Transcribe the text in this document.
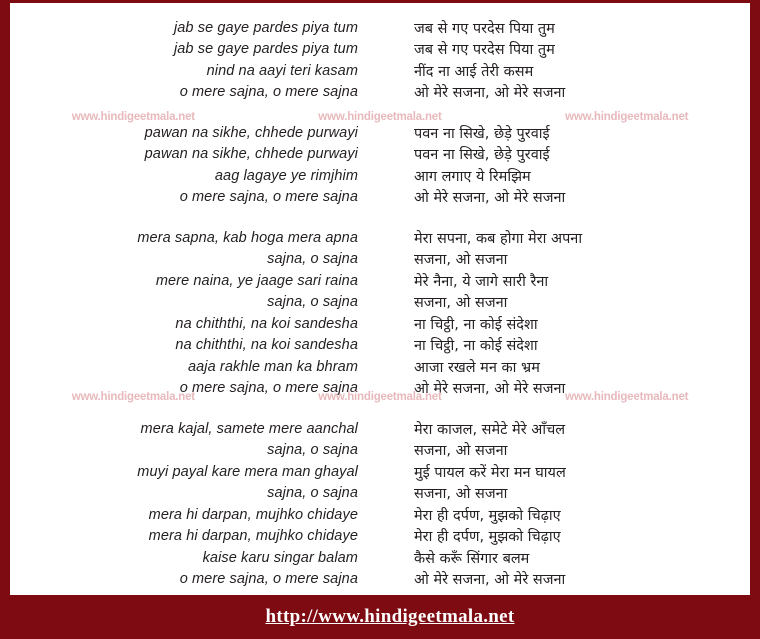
jab se gaye pardes piya tum	जब से गए परदेस पिया तुम
jab se gaye pardes piya tum	जब से गए परदेस पिया तुम
nind na aayi teri kasam	नींद ना आई तेरी कसम
o mere sajna, o mere sajna	ओ मेरे सजना, ओ मेरे सजना
www.hindigeetmala.net	www.hindigeetmala.net	www.hindigeetmala.net
pawan na sikhe, chhede purwayi	पवन ना सिखे, छेड़े पुरवाई
pawan na sikhe, chhede purwayi	पवन ना सिखे, छेड़े पुरवाई
aag lagaye ye rimjhim	आग लगाए ये रिमझिम
o mere sajna, o mere sajna	ओ मेरे सजना, ओ मेरे सजना
mera sapna, kab hoga mera apna	मेरा सपना, कब होगा मेरा अपना
sajna, o sajna	सजना, ओ सजना
mere naina, ye jaage sari raina	मेरे नैना, ये जागे सारी रैना
sajna, o sajna	सजना, ओ सजना
na chiththi, na koi sandesha	ना चिट्ठी, ना कोई संदेशा
na chiththi, na koi sandesha	ना चिट्ठी, ना कोई संदेशा
aaja rakhle man ka bhram	आजा रखले मन का भ्रम
o mere sajna, o mere sajna	ओ मेरे सजना, ओ मेरे सजना
www.hindigeetmala.net	www.hindigeetmala.net	www.hindigeetmala.net
mera kajal, samete mere aanchal	मेरा काजल, समेटे मेरे आँचल
sajna, o sajna	सजना, ओ सजना
muyi payal kare mera man ghayal	मुई पायल करें मेरा मन घायल
sajna, o sajna	सजना, ओ सजना
mera hi darpan, mujhko chidaye	मेरा ही दर्पण, मुझको चिढ़ाए
mera hi darpan, mujhko chidaye	मेरा ही दर्पण, मुझको चिढ़ाए
kaise karu singar balam	कैसे करूँ सिंगार बलम
o mere sajna, o mere sajna	ओ मेरे सजना, ओ मेरे सजना
http://www.hindigeetmala.net
